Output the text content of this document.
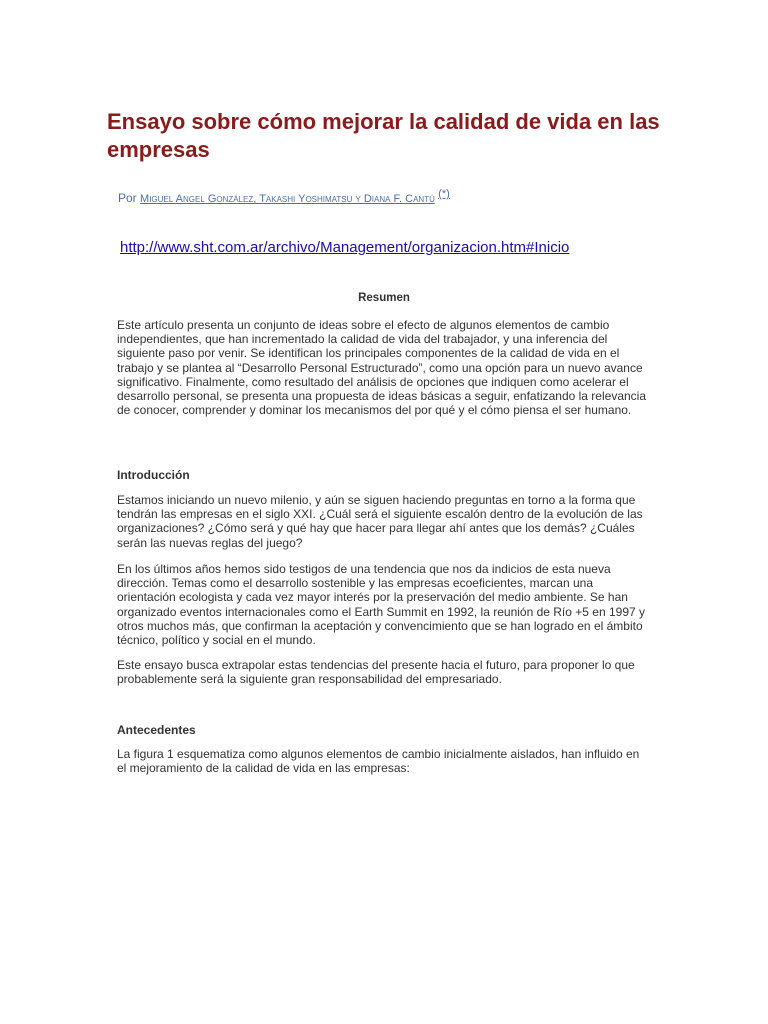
Ensayo sobre cómo mejorar la calidad de vida en las empresas
Por Miguel Angel González, Takashi Yoshimatsu y Diana F. Cantú (*)
http://www.sht.com.ar/archivo/Management/organizacion.htm#Inicio
Resumen

Este artículo presenta un conjunto de ideas sobre el efecto de algunos elementos de cambio independientes, que han incrementado la calidad de vida del trabajador, y una inferencia del siguiente paso por venir. Se identifican los principales componentes de la calidad de vida en el trabajo y se plantea al “Desarrollo Personal Estructurado”, como una opción para un nuevo avance significativo. Finalmente, como resultado del análisis de opciones que indiquen como acelerar el desarrollo personal, se presenta una propuesta de ideas básicas a seguir, enfatizando la relevancia de conocer, comprender y dominar los mecanismos del por qué y el cómo piensa el ser humano.

Introducción

Estamos iniciando un nuevo milenio, y aún se siguen haciendo preguntas en torno a la forma que tendrán las empresas en el siglo XXI. ¿Cuál será el siguiente escalón dentro de la evolución de las organizaciones? ¿Cómo será y qué hay que hacer para llegar ahí antes que los demás? ¿Cuáles serán las nuevas reglas del juego?

En los últimos años hemos sido testigos de una tendencia que nos da indicios de esta nueva dirección. Temas como el desarrollo sostenible y las empresas ecoeficientes, marcan una orientación ecologista y cada vez mayor interés por la preservación del medio ambiente. Se han organizado eventos internacionales como el Earth Summit en 1992, la reunión de Río +5 en 1997 y otros muchos más, que confirman la aceptación y convencimiento que se han logrado en el ámbito técnico, político y social en el mundo.

Este ensayo busca extrapolar estas tendencias del presente hacia el futuro, para proponer lo que probablemente será la siguiente gran responsabilidad del empresariado.

Antecedentes

La figura 1 esquematiza como algunos elementos de cambio inicialmente aislados, han influido en el mejoramiento de la calidad de vida en las empresas:
